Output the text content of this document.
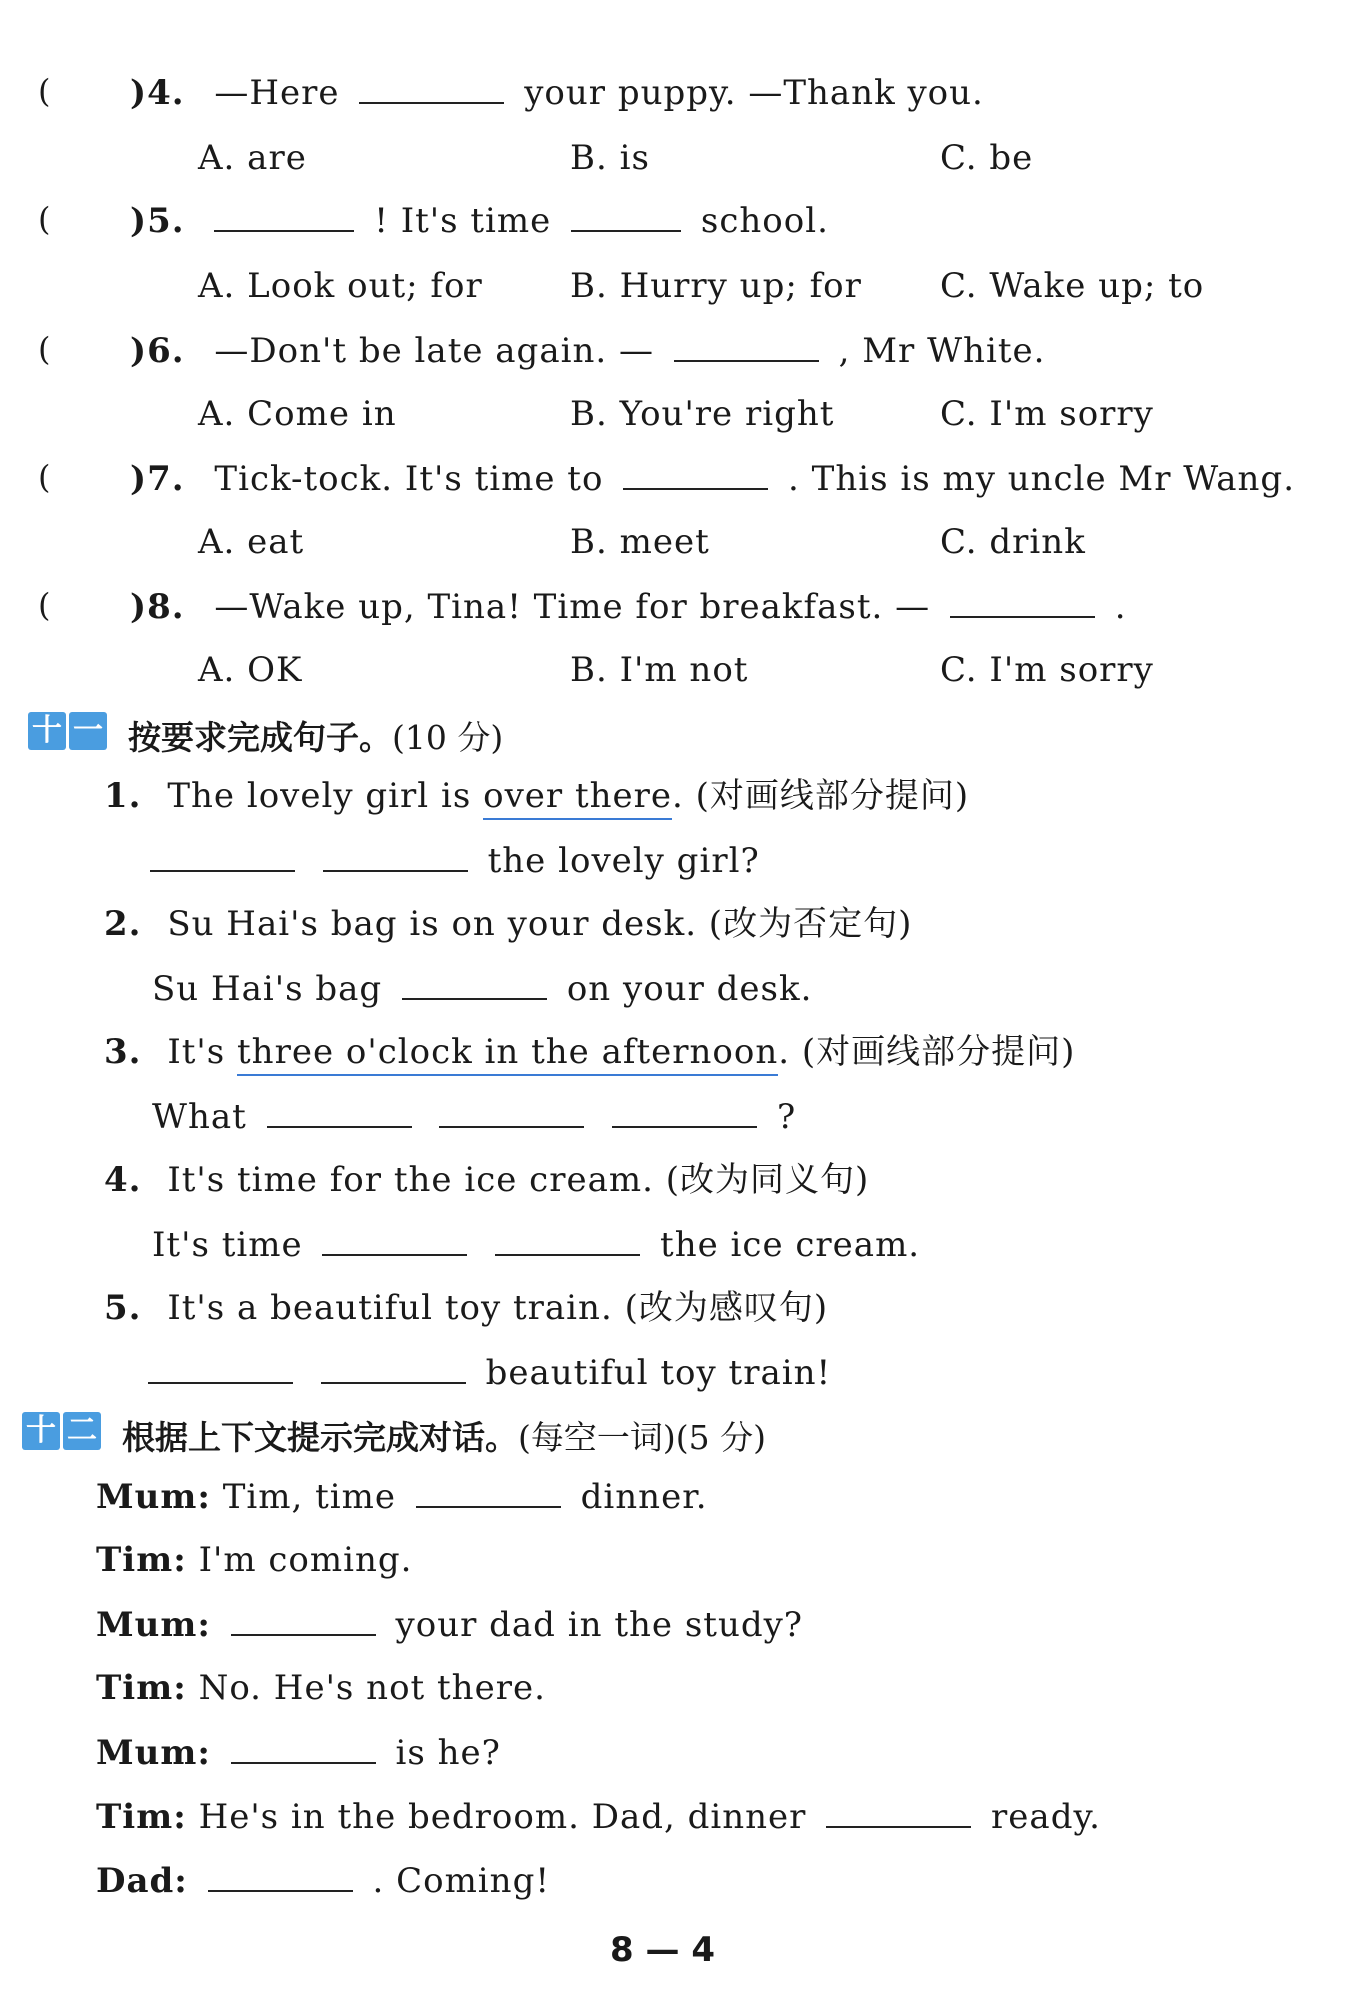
( )4. —Here	your puppy. —Thank you.
A. are	B. is	C. be
( )5.	! It's time	school.
A. Look out; for	B. Hurry up; for C. Wake up; to
( )6. —Don't be late again. —	, Mr White.
A. Come in	B. You're right	C. I'm sorry
( )7. Tick-tock. It's time to	. This is my uncle Mr Wang.
A. eat	B. meet	C. drink
( )8. —Wake up, Tina! Time for breakfast. —	.
A. OK	B. I'm not	C. I'm sorry
十 一 按要求完成句子。(10 分)
1. The lovely girl is over there. (对画线部分提问)
the lovely girl?
2. Su Hai's bag is on your desk. (改为否定句)
Su Hai's bag	on your desk.
3. It's three o'clock in the afternoon. (对画线部分提问)
What	?
4. It's time for the ice cream. (改为同义句)
It's time	the ice cream.
5. It's a beautiful toy train. (改为感叹句)
beautiful toy train!
十 二 根据上下文提示完成对话。(每空一词)(5 分)
Mum: Tim, time	dinner.
Tim: I'm coming.
Mum:	your dad in the study?
Tim: No. He's not there.
Mum:	is he?
Tim: He's in the bedroom. Dad, dinner	ready.
Dad:	. Coming!
8 — 4
